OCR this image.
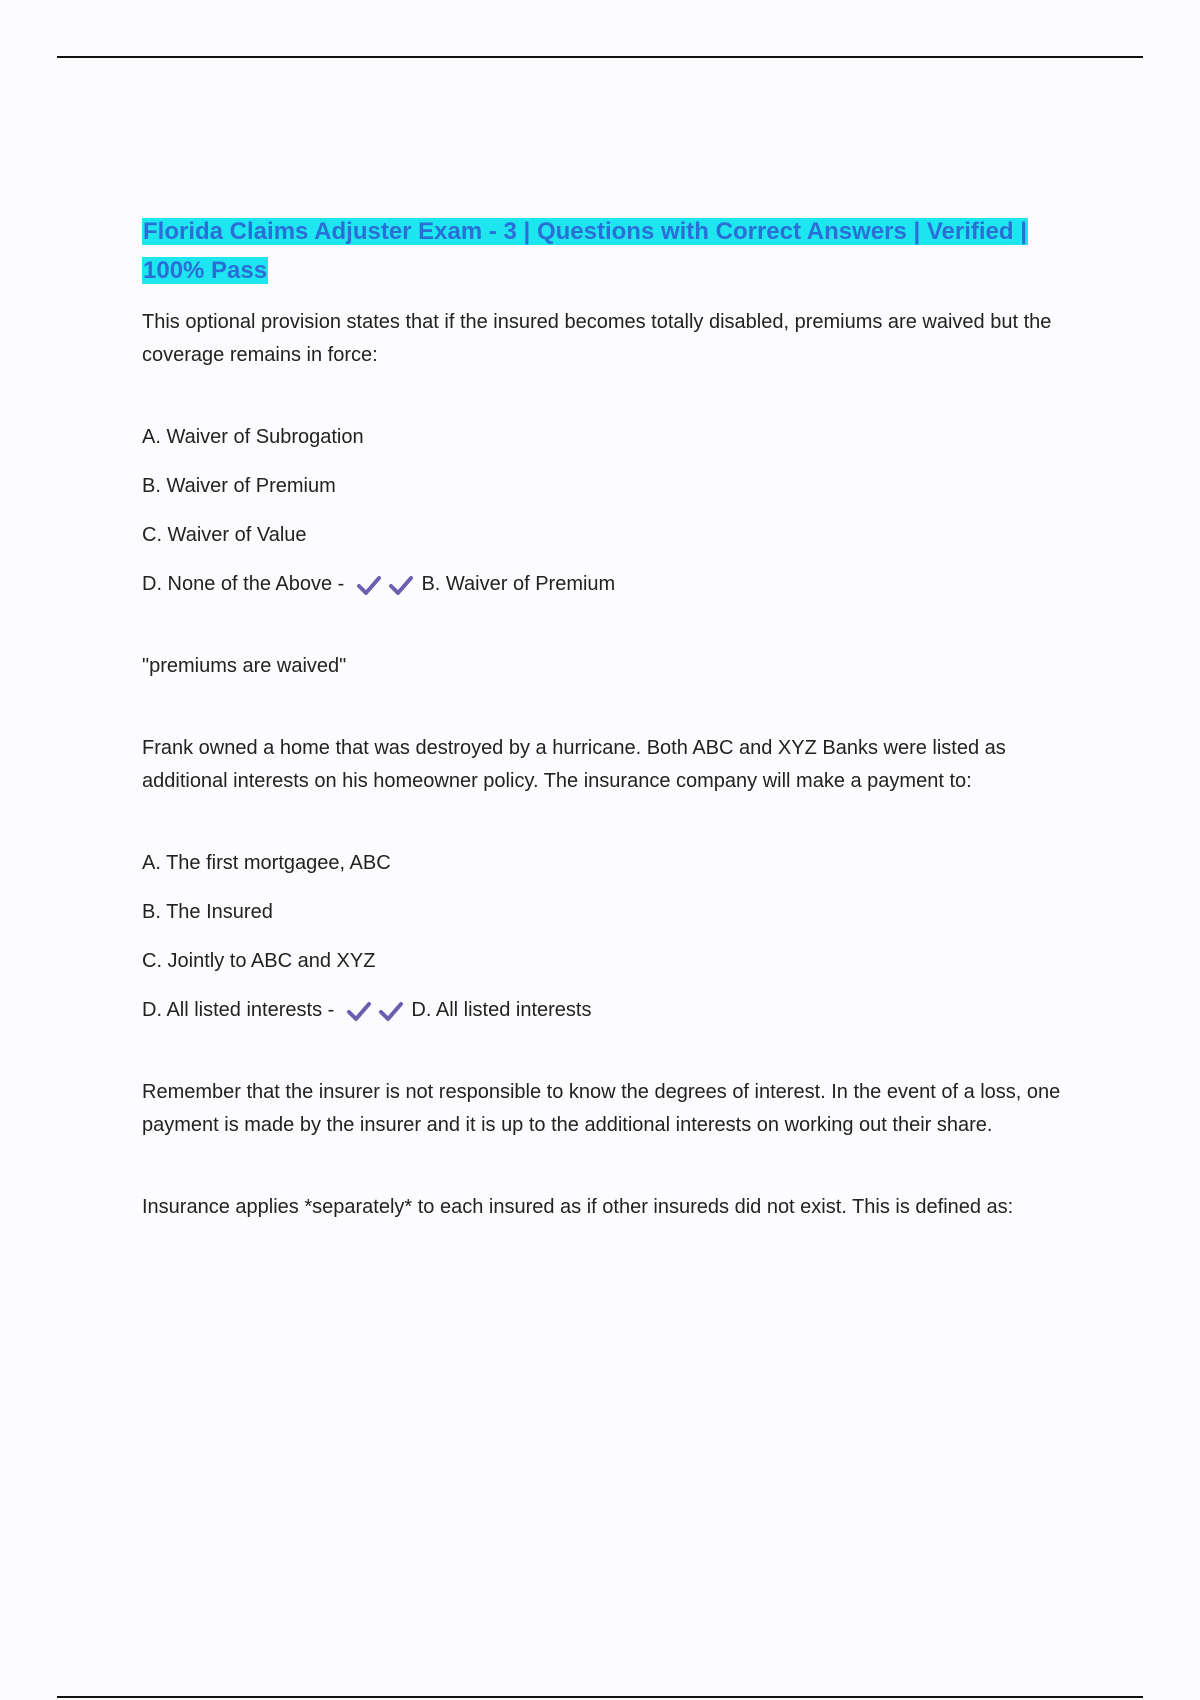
Florida Claims Adjuster Exam - 3 | Questions with Correct Answers | Verified |
100% Pass

This optional provision states that if the insured becomes totally disabled, premiums are waived but the coverage remains in force:

A. Waiver of Subrogation

B. Waiver of Premium

C. Waiver of Value

D. None of the Above -	B. Waiver of Premium

"premiums are waived"

Frank owned a home that was destroyed by a hurricane. Both ABC and XYZ Banks were listed as additional interests on his homeowner policy. The insurance company will make a payment to:

A. The first mortgagee, ABC

B. The Insured

C. Jointly to ABC and XYZ

D. All listed interests -	D. All listed interests

Remember that the insurer is not responsible to know the degrees of interest. In the event of a loss, one payment is made by the insurer and it is up to the additional interests on working out their share.

Insurance applies *separately* to each insured as if other insureds did not exist. This is defined as:
